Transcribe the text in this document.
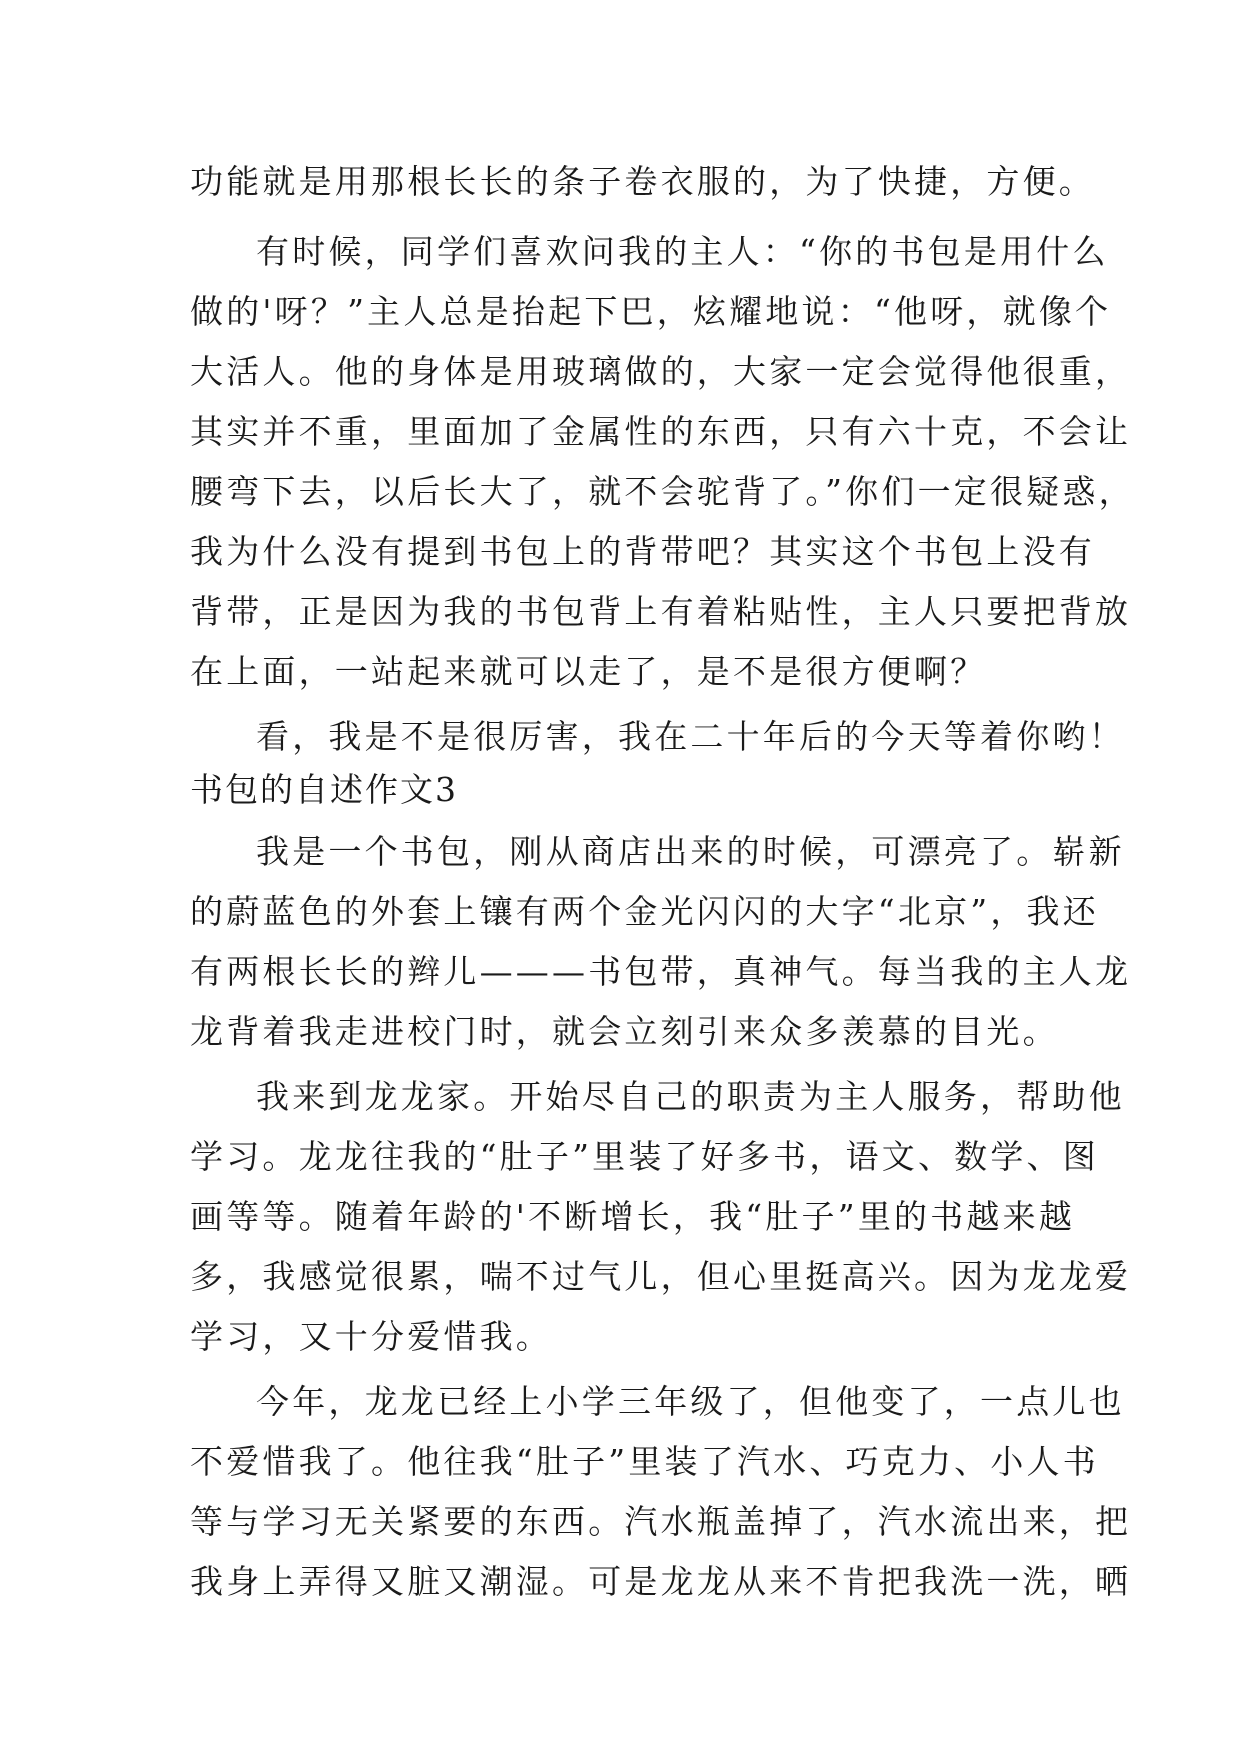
功能就是用那根长长的条子卷衣服的，为了快捷，方便。
有时候，同学们喜欢问我的主人：“你的书包是用什么
做的'呀？”主人总是抬起下巴，炫耀地说：“他呀，就像个
大活人。他的身体是用玻璃做的，大家一定会觉得他很重，
其实并不重，里面加了金属性的东西，只有六十克，不会让
腰弯下去，以后长大了，就不会驼背了。”你们一定很疑惑，
我为什么没有提到书包上的背带吧？其实这个书包上没有
背带，正是因为我的书包背上有着粘贴性，主人只要把背放
在上面，一站起来就可以走了，是不是很方便啊？
看，我是不是很厉害，我在二十年后的今天等着你哟！
书包的自述作文3
我是一个书包，刚从商店出来的时候，可漂亮了。崭新
的蔚蓝色的外套上镶有两个金光闪闪的大字“北京”，我还
有两根长长的辫儿———书包带，真神气。每当我的主人龙
龙背着我走进校门时，就会立刻引来众多羡慕的目光。
我来到龙龙家。开始尽自己的职责为主人服务，帮助他
学习。龙龙往我的“肚子”里装了好多书，语文、数学、图
画等等。随着年龄的'不断增长，我“肚子”里的书越来越
多，我感觉很累，喘不过气儿，但心里挺高兴。因为龙龙爱
学习，又十分爱惜我。
今年，龙龙已经上小学三年级了，但他变了，一点儿也
不爱惜我了。他往我“肚子”里装了汽水、巧克力、小人书
等与学习无关紧要的东西。汽水瓶盖掉了，汽水流出来，把
我身上弄得又脏又潮湿。可是龙龙从来不肯把我洗一洗，晒
